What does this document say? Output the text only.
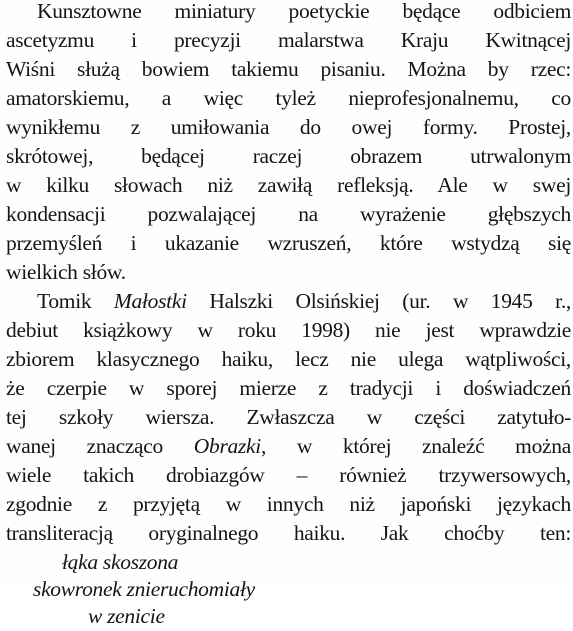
Kunsztowne miniatury poetyckie będące odbiciem
ascetyzmu i precyzji malarstwa Kraju Kwitnącej
Wiśni służą bowiem takiemu pisaniu. Można by rzec:
amatorskiemu, a więc tyleż nieprofesjonalnemu, co
wynikłemu z umiłowania do owej formy. Prostej,
skrótowej, będącej raczej obrazem utrwalonym
w kilku słowach niż zawiłą refleksją. Ale w swej
kondensacji pozwalającej na wyrażenie głębszych
przemyśleń i ukazanie wzruszeń, które wstydzą się
wielkich słów.
Tomik Małostki Halszki Olsińskiej (ur. w 1945 r.,
debiut książkowy w roku 1998) nie jest wprawdzie
zbiorem klasycznego haiku, lecz nie ulega wątpliwości,
że czerpie w sporej mierze z tradycji i doświadczeń
tej szkoły wiersza. Zwłaszcza w części zatytuło-
wanej znacząco Obrazki, w której znaleźć można
wiele takich drobiazgów – również trzywersowych,
zgodnie z przyjętą w innych niż japoński językach
transliteracją oryginalnego haiku. Jak choćby ten:
łąka skoszona
skowronek znieruchomiały
w zenicie
